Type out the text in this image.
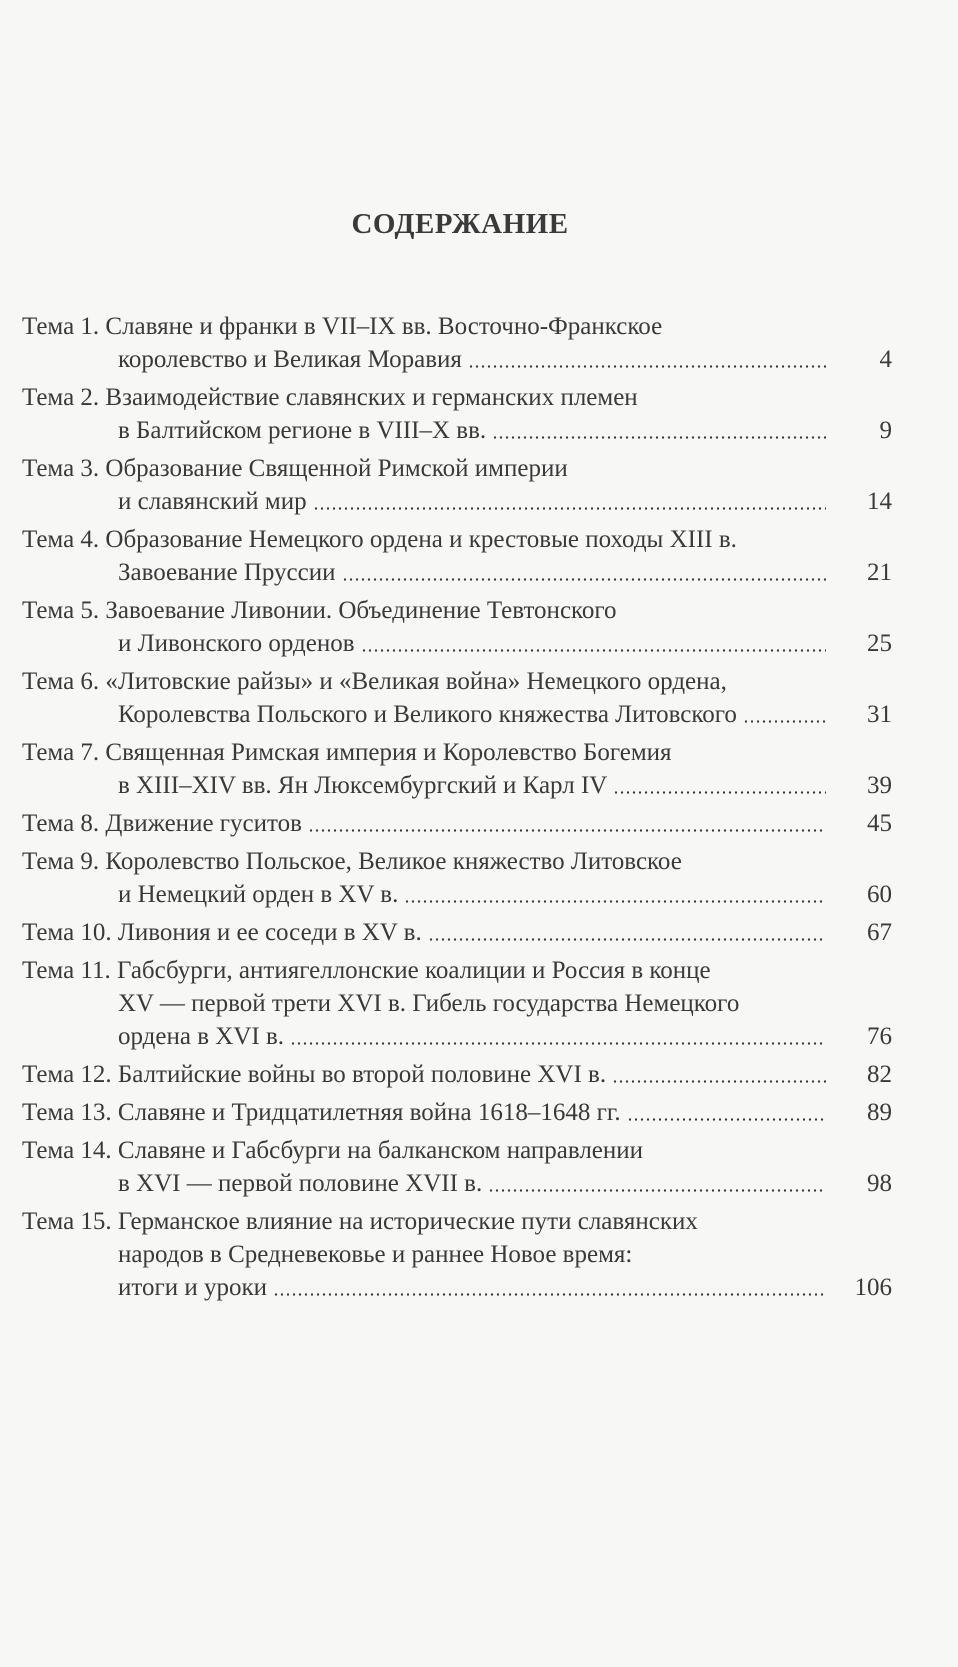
СОДЕРЖАНИЕ
Тема 1. Славяне и франки в VII–IX вв. Восточно-Франкское
королевство и Великая Моравия	4
Тема 2. Взаимодействие славянских и германских племен
в Балтийском регионе в VIII–X вв.	9
Тема 3. Образование Священной Римской империи
и славянский мир	14
Тема 4. Образование Немецкого ордена и крестовые походы XIII в.
Завоевание Пруссии	21
Тема 5. Завоевание Ливонии. Объединение Тевтонского
и Ливонского орденов	25
Тема 6. «Литовские райзы» и «Великая война» Немецкого ордена,
Королевства Польского и Великого княжества Литовского	31
Тема 7. Священная Римская империя и Королевство Богемия
в XIII–XIV вв. Ян Люксембургский и Карл IV	39
Тема 8. Движение гуситов	45
Тема 9. Королевство Польское, Великое княжество Литовское
и Немецкий орден в XV в.	60
Тема 10. Ливония и ее соседи в XV в.	67
Тема 11. Габсбурги, антиягеллонские коалиции и Россия в конце
XV — первой трети XVI в. Гибель государства Немецкого
ордена в XVI в.	76
Тема 12. Балтийские войны во второй половине XVI в.	82
Тема 13. Славяне и Тридцатилетняя война 1618–1648 гг.	89
Тема 14. Славяне и Габсбурги на балканском направлении
в XVI — первой половине XVII в.	98
Тема 15. Германское влияние на исторические пути славянских
народов в Средневековье и раннее Новое время:
итоги и уроки	106
